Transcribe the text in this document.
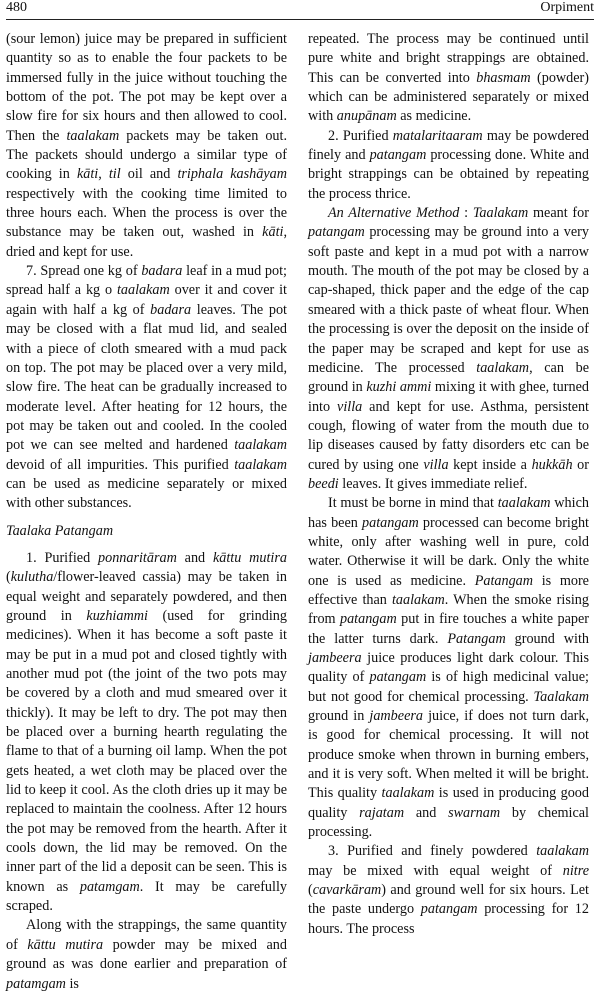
480	Orpiment

(sour lemon) juice may be prepared in sufficient quantity so as to enable the four packets to be immersed fully in the juice without touching the bottom of the pot. The pot may be kept over a slow fire for six hours and then allowed to cool. Then the taalakam packets may be taken out. The packets should undergo a similar type of cooking in kāti, til oil and triphala kashāyam respectively with the cooking time limited to three hours each. When the process is over the substance may be taken out, washed in kāti, dried and kept for use.

7. Spread one kg of badara leaf in a mud pot; spread half a kg o taalakam over it and cover it again with half a kg of badara leaves. The pot may be closed with a flat mud lid, and sealed with a piece of cloth smeared with a mud pack on top. The pot may be placed over a very mild, slow fire. The heat can be gradually increased to moderate level. After heating for 12 hours, the pot may be taken out and cooled. In the cooled pot we can see melted and hardened taalakam devoid of all impurities. This purified taalakam can be used as medicine separately or mixed with other substances.

Taalaka Patangam

1. Purified ponnaritāram and kāttu mutira (kulutha/flower-leaved cassia) may be taken in equal weight and separately powdered, and then ground in kuzhiammi (used for grinding medicines). When it has become a soft paste it may be put in a mud pot and closed tightly with another mud pot (the joint of the two pots may be covered by a cloth and mud smeared over it thickly). It may be left to dry. The pot may then be placed over a burning hearth regulating the flame to that of a burning oil lamp. When the pot gets heated, a wet cloth may be placed over the lid to keep it cool. As the cloth dries up it may be replaced to maintain the coolness. After 12 hours the pot may be removed from the hearth. After it cools down, the lid may be removed. On the inner part of the lid a deposit can be seen. This is known as patamgam. It may be carefully scraped.

Along with the strappings, the same quantity of kāttu mutira powder may be mixed and ground as was done earlier and preparation of patamgam is

repeated. The process may be continued until pure white and bright strappings are obtained. This can be converted into bhasmam (powder) which can be administered separately or mixed with anupānam as medicine.

2. Purified matalaritaaram may be powdered finely and patangam processing done. White and bright strappings can be obtained by repeating the process thrice.

An Alternative Method : Taalakam meant for patangam processing may be ground into a very soft paste and kept in a mud pot with a narrow mouth. The mouth of the pot may be closed by a cap-shaped, thick paper and the edge of the cap smeared with a thick paste of wheat flour. When the processing is over the deposit on the inside of the paper may be scraped and kept for use as medicine. The processed taalakam, can be ground in kuzhi ammi mixing it with ghee, turned into villa and kept for use. Asthma, persistent cough, flowing of water from the mouth due to lip diseases caused by fatty disorders etc can be cured by using one villa kept inside a hukkāh or beedi leaves. It gives immediate relief.

It must be borne in mind that taalakam which has been patangam processed can become bright white, only after washing well in pure, cold water. Otherwise it will be dark. Only the white one is used as medicine. Patangam is more effective than taalakam. When the smoke rising from patangam put in fire touches a white paper the latter turns dark. Patangam ground with jambeera juice produces light dark colour. This quality of patangam is of high medicinal value; but not good for chemical processing. Taalakam ground in jambeera juice, if does not turn dark, is good for chemical processing. It will not produce smoke when thrown in burning embers, and it is very soft. When melted it will be bright. This quality taalakam is used in producing good quality rajatam and swarnam by chemical processing.

3. Purified and finely powdered taalakam may be mixed with equal weight of nitre (cavarkāram) and ground well for six hours. Let the paste undergo patangam processing for 12 hours. The process
